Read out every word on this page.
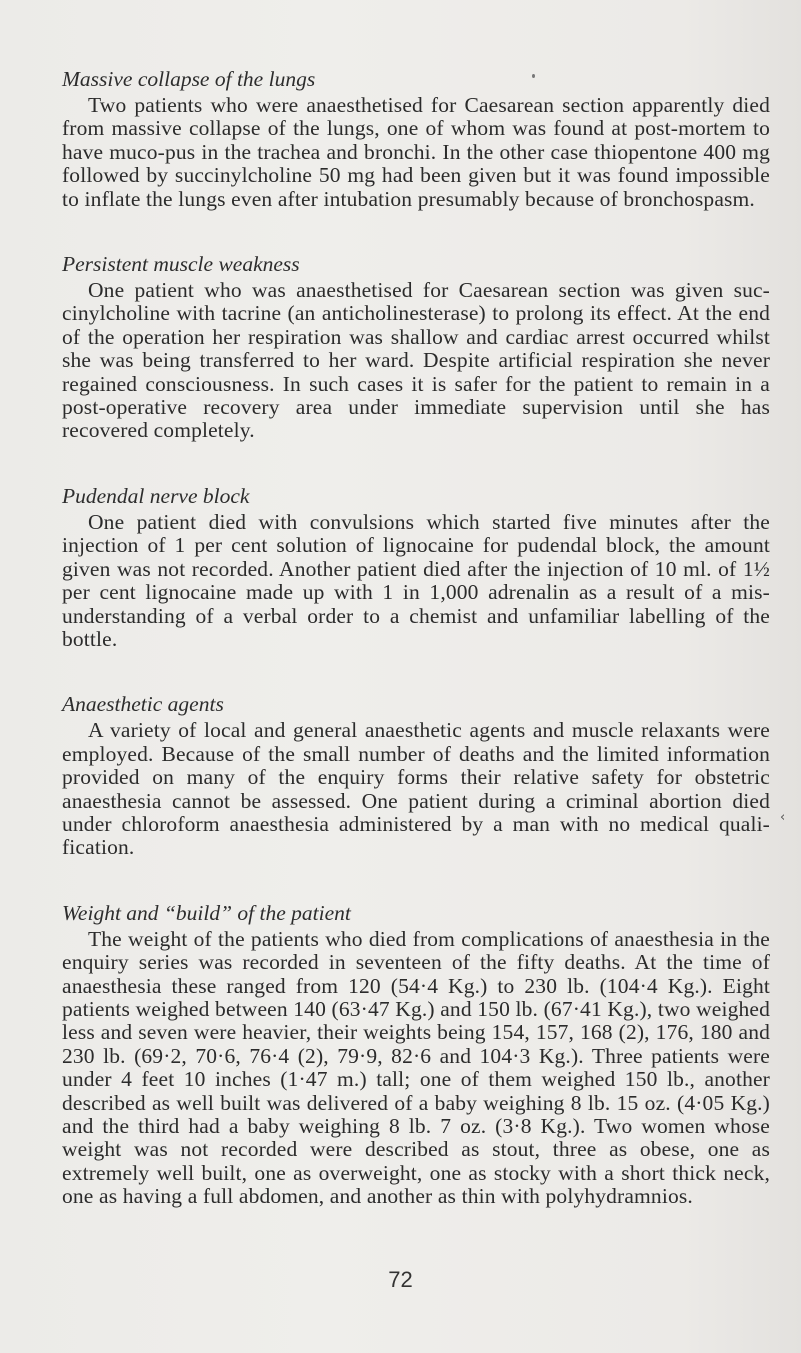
Massive collapse of the lungs

Two patients who were anaesthetised for Caesarean section apparently died from massive collapse of the lungs, one of whom was found at post-mortem to have muco-pus in the trachea and bronchi. In the other case thiopentone 400 mg followed by succinylcholine 50 mg had been given but it was found impossible to inflate the lungs even after intubation presumably because of bronchospasm.

Persistent muscle weakness

One patient who was anaesthetised for Caesarean section was given suc-cinylcholine with tacrine (an anticholinesterase) to prolong its effect. At the end of the operation her respiration was shallow and cardiac arrest occurred whilst she was being transferred to her ward. Despite artificial respiration she never regained consciousness. In such cases it is safer for the patient to remain in a post-operative recovery area under immediate supervision until she has recovered completely.

Pudendal nerve block

One patient died with convulsions which started five minutes after the injection of 1 per cent solution of lignocaine for pudendal block, the amount given was not recorded. Another patient died after the injection of 10 ml. of 1½ per cent lignocaine made up with 1 in 1,000 adrenalin as a result of a mis-understanding of a verbal order to a chemist and unfamiliar labelling of the bottle.

Anaesthetic agents

A variety of local and general anaesthetic agents and muscle relaxants were employed. Because of the small number of deaths and the limited information provided on many of the enquiry forms their relative safety for obstetric anaesthesia cannot be assessed. One patient during a criminal abortion died under chloroform anaesthesia administered by a man with no medical quali-fication.

Weight and “build” of the patient

The weight of the patients who died from complications of anaesthesia in the enquiry series was recorded in seventeen of the fifty deaths. At the time of anaesthesia these ranged from 120 (54·4 Kg.) to 230 lb. (104·4 Kg.). Eight patients weighed between 140 (63·47 Kg.) and 150 lb. (67·41 Kg.), two weighed less and seven were heavier, their weights being 154, 157, 168 (2), 176, 180 and 230 lb. (69·2, 70·6, 76·4 (2), 79·9, 82·6 and 104·3 Kg.). Three patients were under 4 feet 10 inches (1·47 m.) tall; one of them weighed 150 lb., another described as well built was delivered of a baby weighing 8 lb. 15 oz. (4·05 Kg.) and the third had a baby weighing 8 lb. 7 oz. (3·8 Kg.). Two women whose weight was not recorded were described as stout, three as obese, one as extremely well built, one as overweight, one as stocky with a short thick neck, one as having a full abdomen, and another as thin with polyhydramnios.

‹
72
